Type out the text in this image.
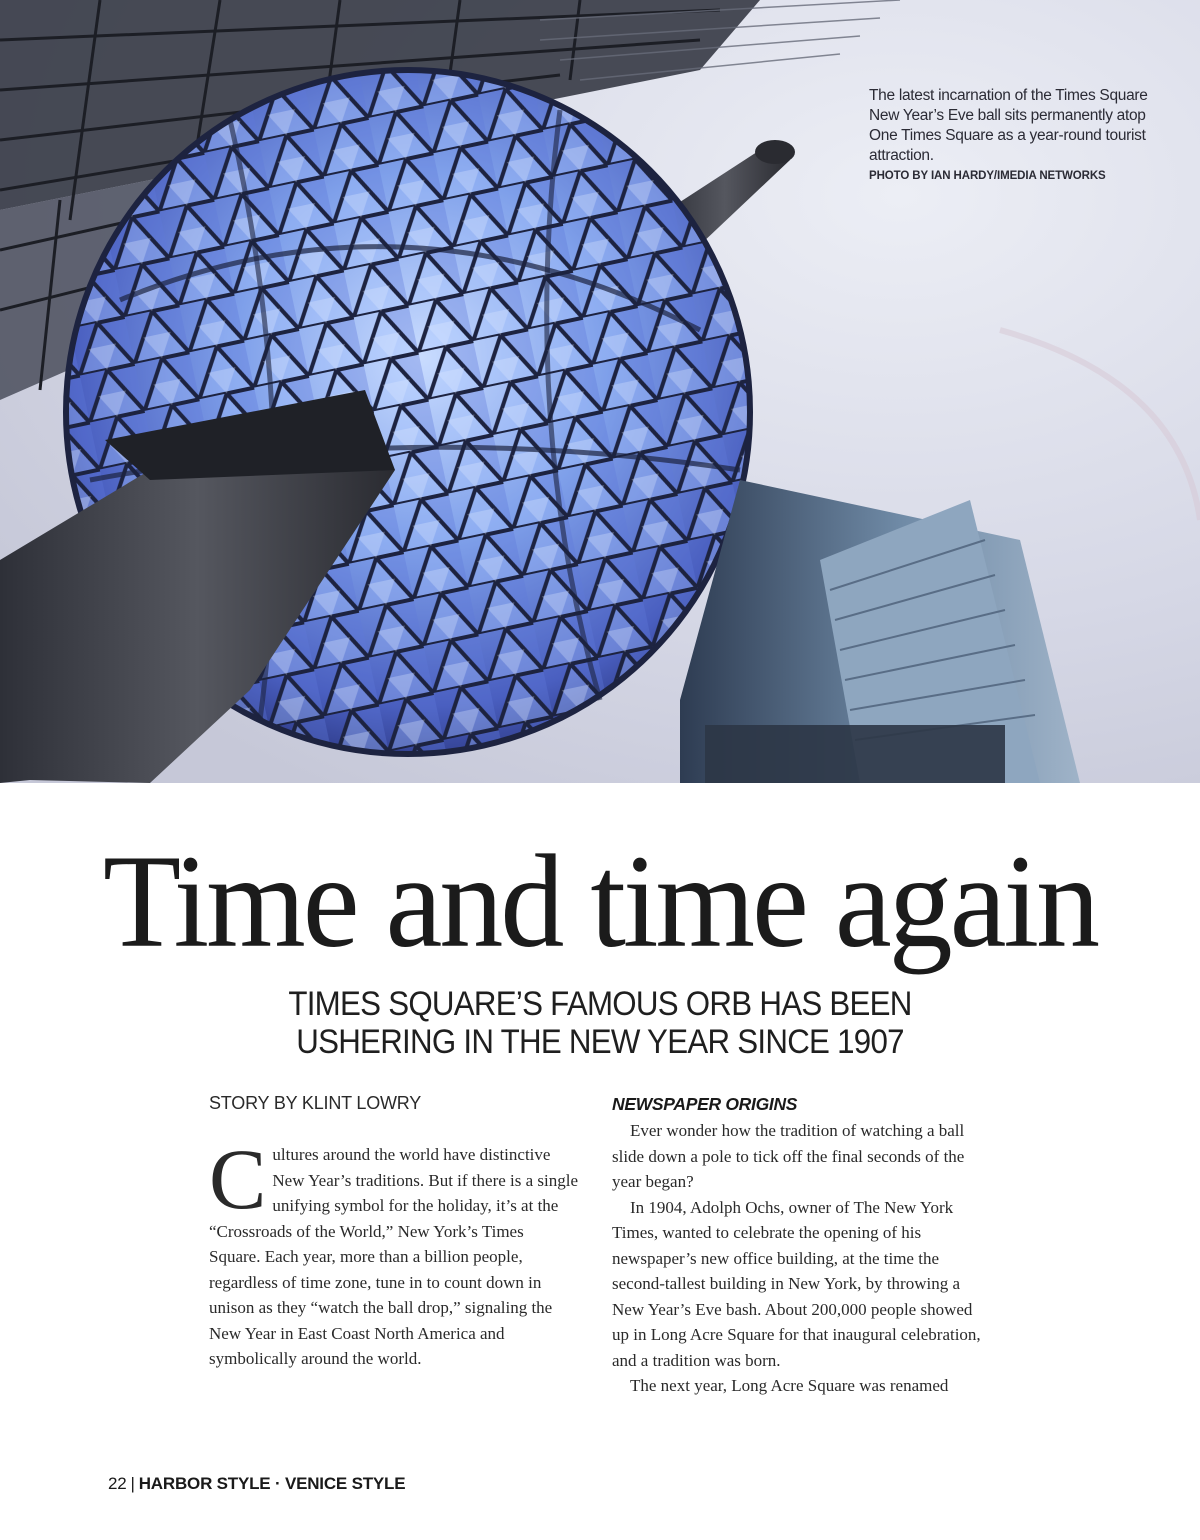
The latest incarnation of the Times Square New Year’s Eve ball sits permanently atop One Times Square as a year-round tourist attraction.
PHOTO BY IAN HARDY/IMEDIA NETWORKS
Time and time again
TIMES SQUARE’S FAMOUS ORB HAS BEEN
USHERING IN THE NEW YEAR SINCE 1907
STORY BY KLINT LOWRY
C ultures around the world have distinctive New Year’s traditions. But if there is a single unifying symbol for the holiday, it’s at the “Crossroads of the World,” New York’s Times Square. Each year, more than a billion people, regardless of time zone, tune in to count down in unison as they “watch the ball drop,” signaling the New Year in East Coast North America and symbolically around the world.
NEWSPAPER ORIGINS

Ever wonder how the tradition of watching a ball slide down a pole to tick off the final seconds of the year began?

In 1904, Adolph Ochs, owner of The New York Times, wanted to celebrate the opening of his newspaper’s new office building, at the time the second-tallest building in New York, by throwing a New Year’s Eve bash. About 200,000 people showed up in Long Acre Square for that inaugural celebration, and a tradition was born.

The next year, Long Acre Square was renamed

22 | HARBOR STYLE · VENICE STYLE
